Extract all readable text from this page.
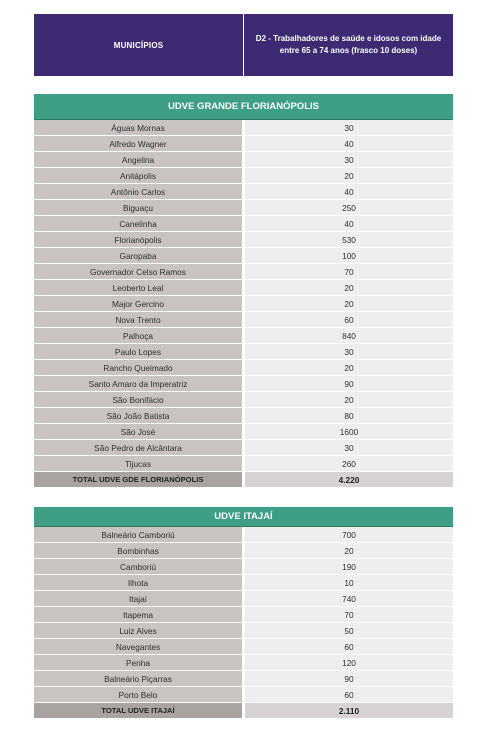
MUNICÍPIOS
D2 - Trabalhadores de saúde e idosos com idade entre 65 a 74 anos (frasco 10 doses)
UDVE GRANDE FLORIANÓPOLIS
Águas Mornas	30
Alfredo Wagner	40
Angelina	30
Anitápolis	20
Antônio Carlos	40
Biguaçu	250
Canelinha	40
Florianópolis	530
Garopaba	100
Governador Celso Ramos	70
Leoberto Leal	20
Major Gercino	20
Nova Trento	60
Palhoça	840
Paulo Lopes	30
Rancho Queimado	20
Santo Amaro da Imperatriz	90
São Bonifácio	20
São João Batista	80
São José	1600
São Pedro de Alcântara	30
Tijucas	260
TOTAL UDVE GDE FLORIANÓPOLIS	4.220
UDVE ITAJAÍ
Balneário Camboriú	700
Bombinhas	20
Camboriú	190
Ilhota	10
Itajaí	740
Itapema	70
Luiz Alves	50
Navegantes	60
Penha	120
Balneário Piçarras	90
Porto Belo	60
TOTAL UDVE ITAJAÍ	2.110
